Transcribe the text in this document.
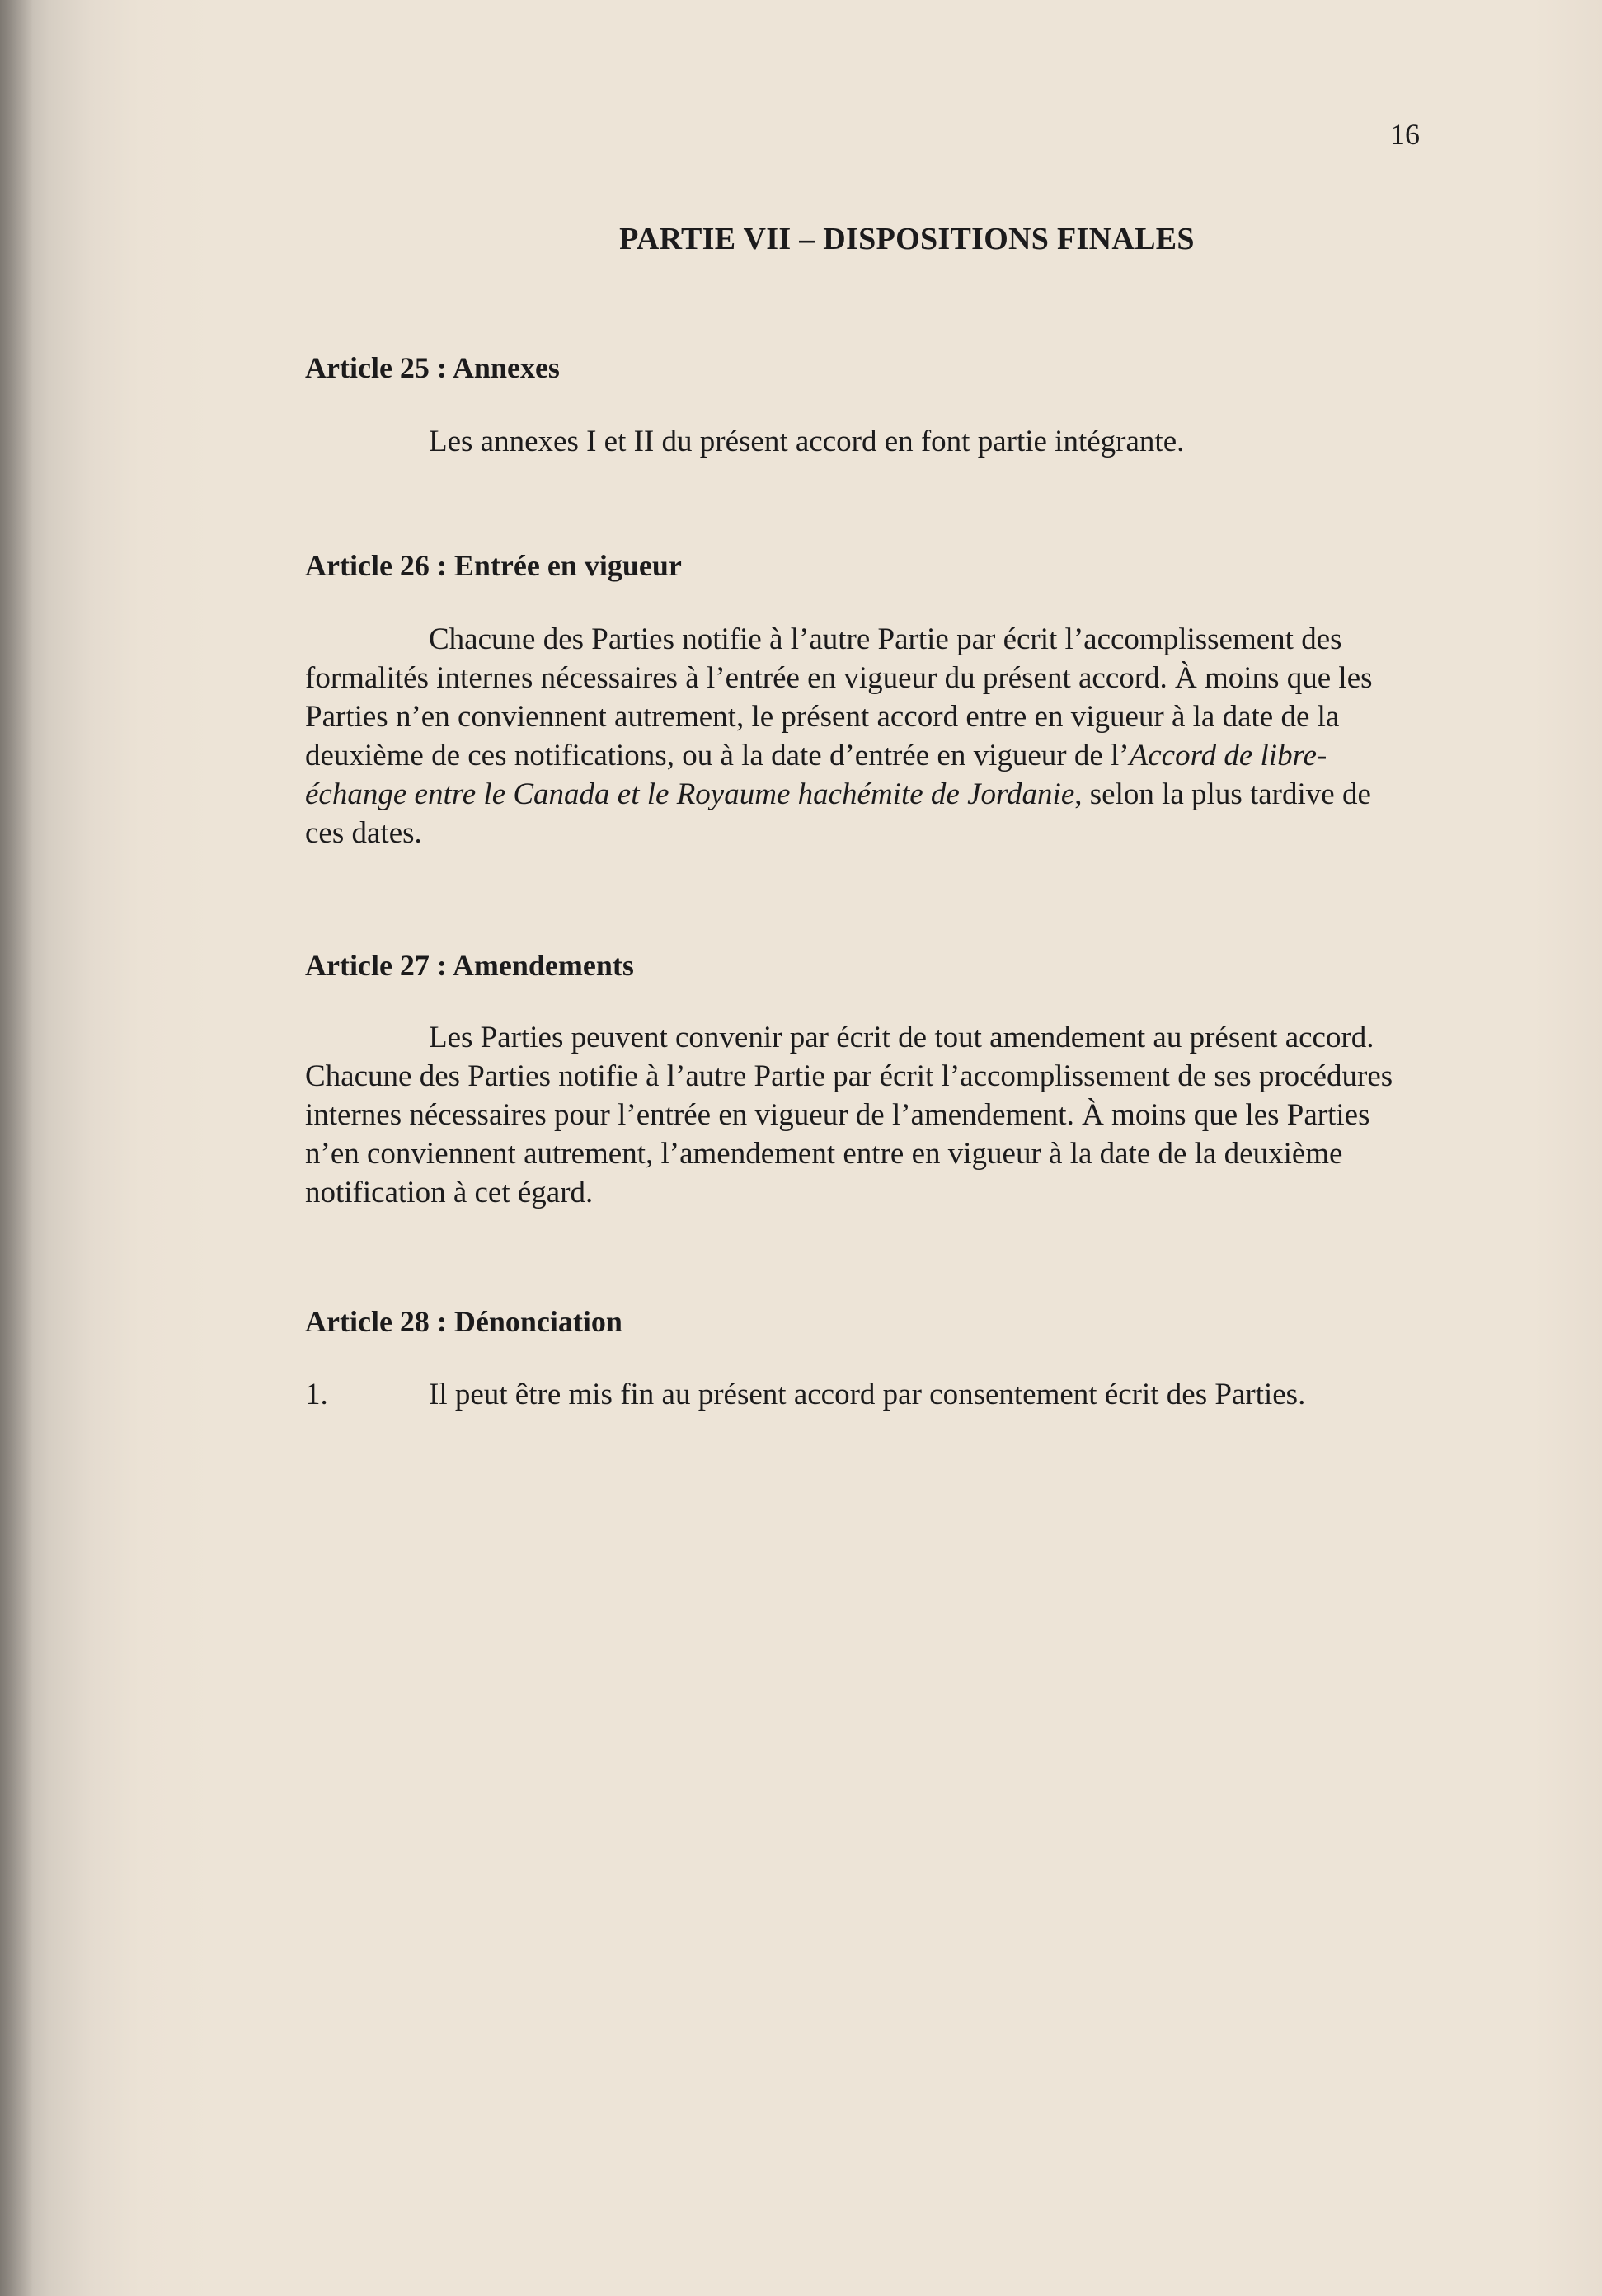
16
PARTIE VII – DISPOSITIONS FINALES
Article 25 : Annexes
Les annexes I et II du présent accord en font partie intégrante.
Article 26 : Entrée en vigueur
Chacune des Parties notifie à l’autre Partie par écrit l’accomplissement des formalités internes nécessaires à l’entrée en vigueur du présent accord. À moins que les Parties n’en conviennent autrement, le présent accord entre en vigueur à la date de la deuxième de ces notifications, ou à la date d’entrée en vigueur de l’Accord de libre-échange entre le Canada et le Royaume hachémite de Jordanie, selon la plus tardive de ces dates.
Article 27 : Amendements
Les Parties peuvent convenir par écrit de tout amendement au présent accord. Chacune des Parties notifie à l’autre Partie par écrit l’accomplissement de ses procédures internes nécessaires pour l’entrée en vigueur de l’amendement. À moins que les Parties n’en conviennent autrement, l’amendement entre en vigueur à la date de la deuxième notification à cet égard.
Article 28 : Dénonciation
1.	Il peut être mis fin au présent accord par consentement écrit des Parties.
